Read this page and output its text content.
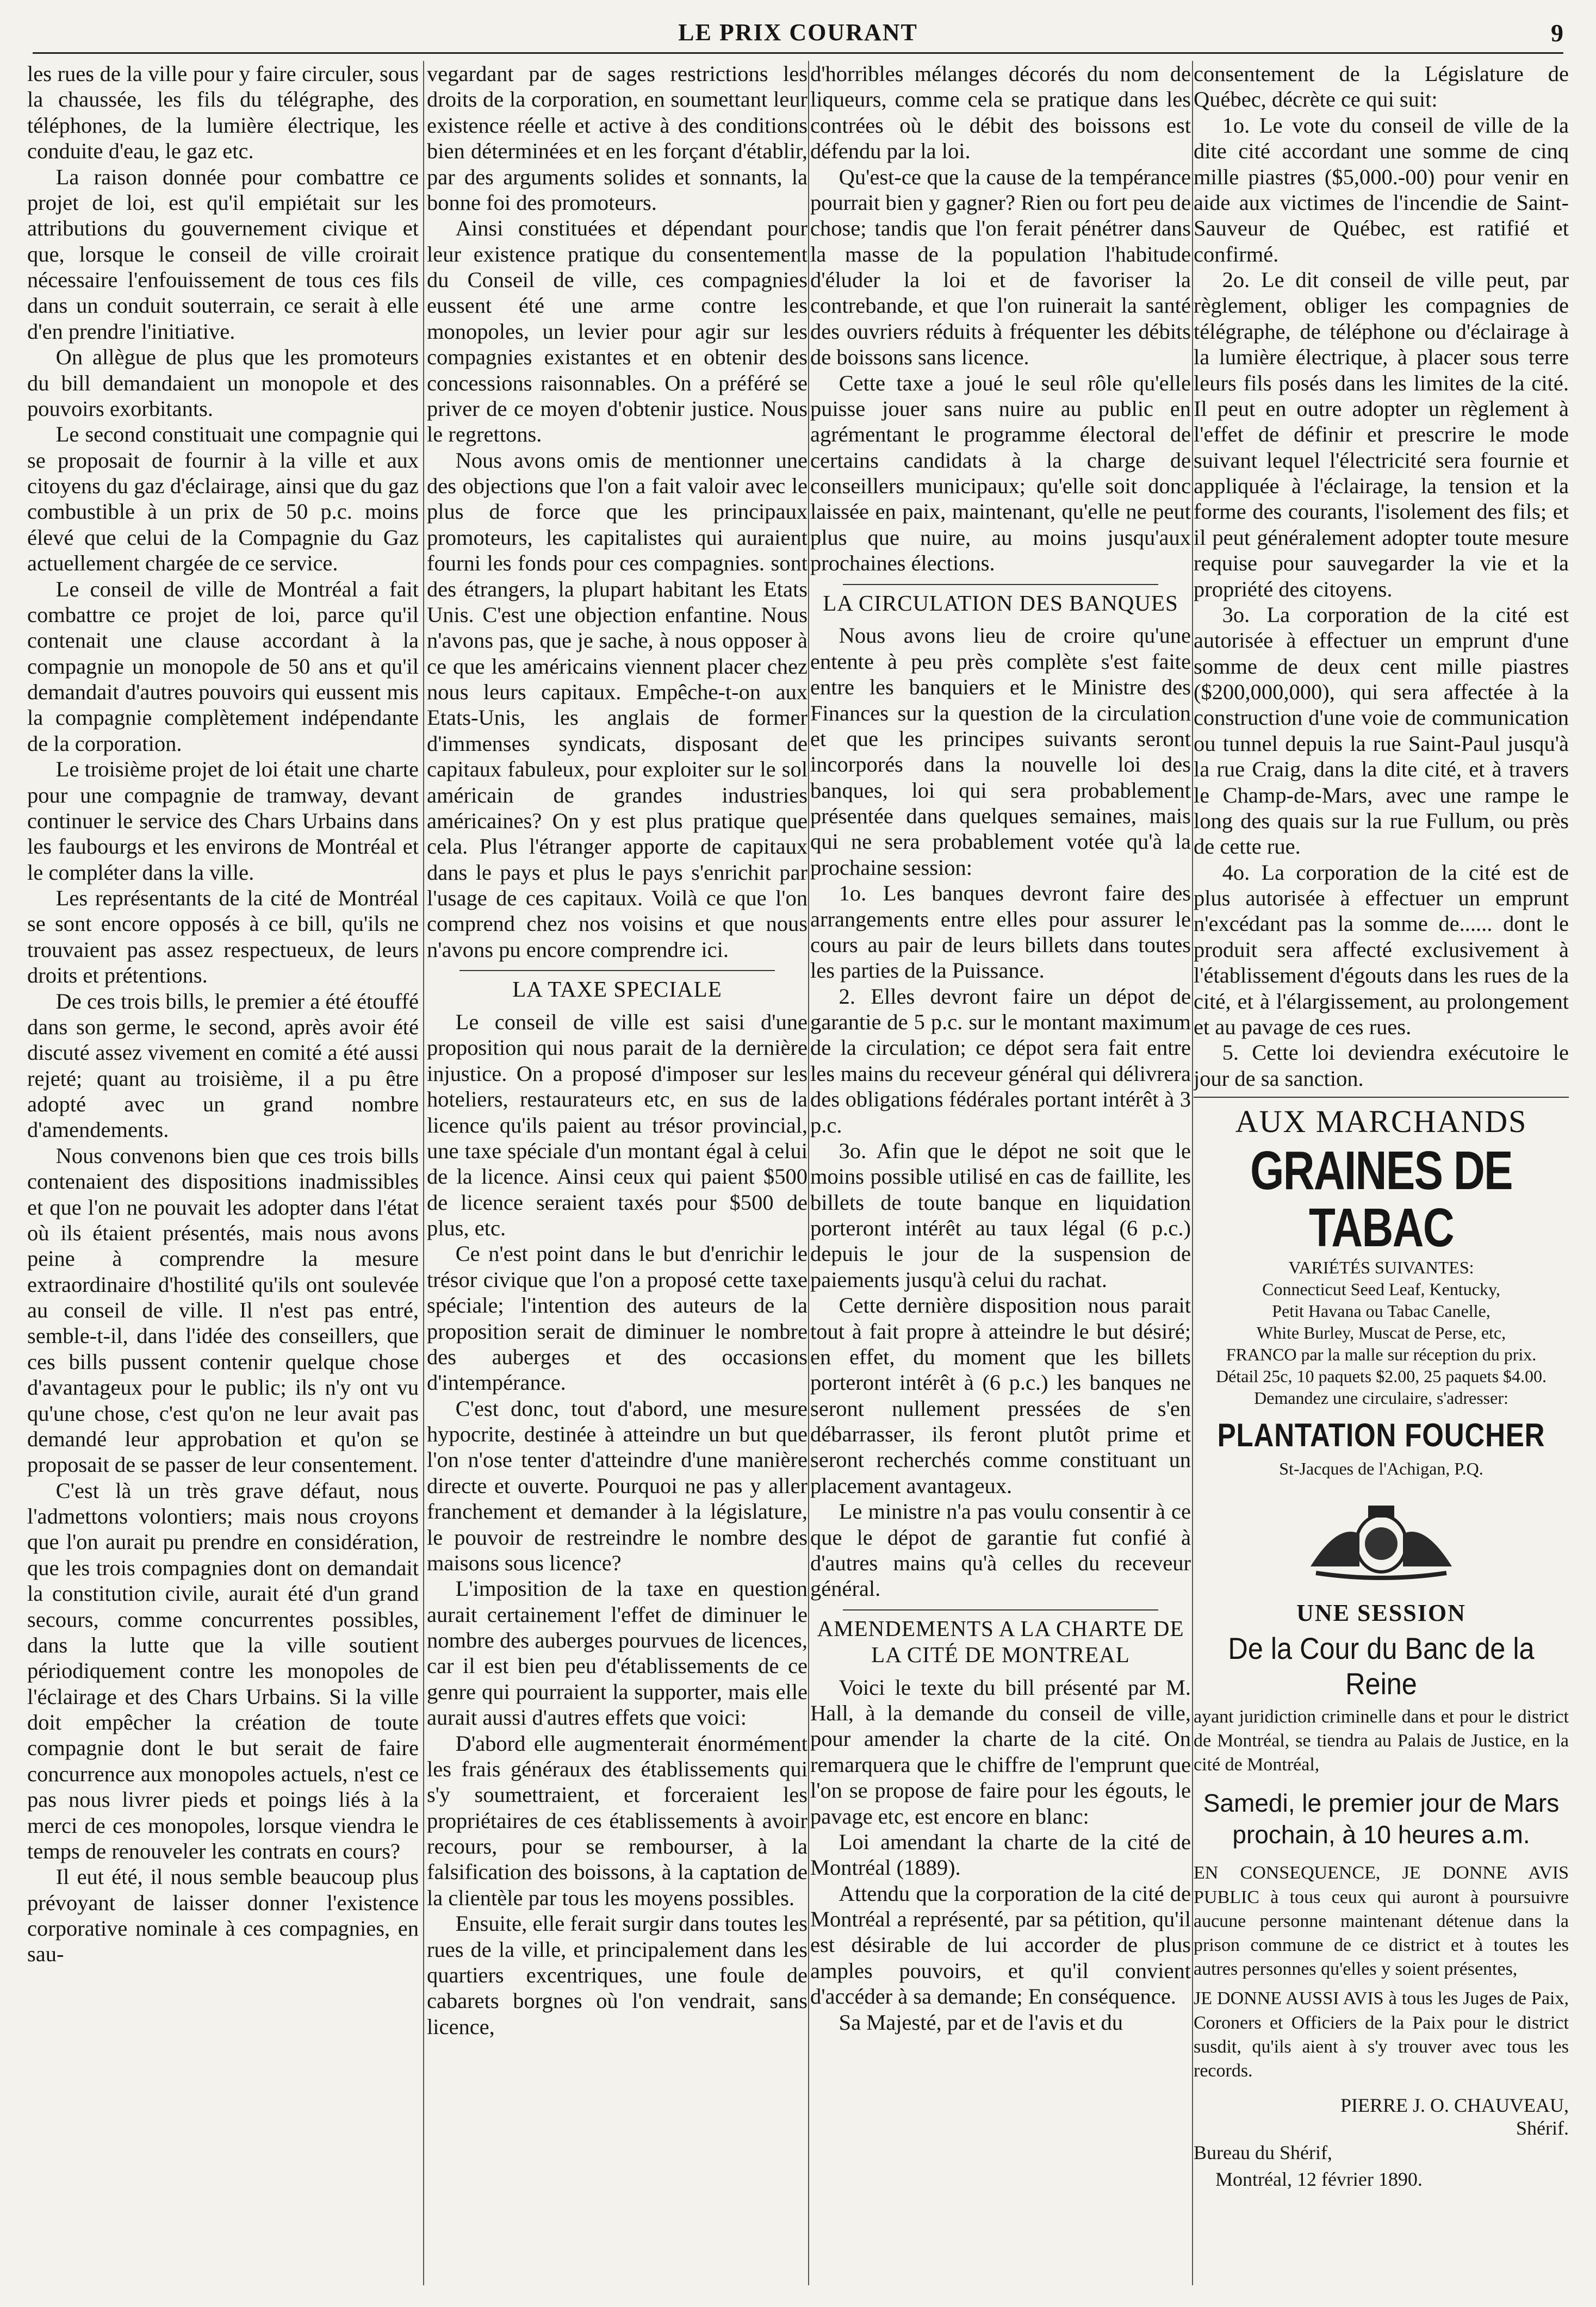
LE PRIX COURANT	9

les rues de la ville pour y faire circuler, sous la chaussée, les fils du télégraphe, des téléphones, de la lumière électrique, les conduite d'eau, le gaz etc.

La raison donnée pour combattre ce projet de loi, est qu'il empiétait sur les attributions du gouvernement civique et que, lorsque le conseil de ville croirait nécessaire l'enfouissement de tous ces fils dans un conduit souterrain, ce serait à elle d'en prendre l'initiative.

On allègue de plus que les promoteurs du bill demandaient un monopole et des pouvoirs exorbitants.

Le second constituait une compagnie qui se proposait de fournir à la ville et aux citoyens du gaz d'éclairage, ainsi que du gaz combustible à un prix de 50 p.c. moins élevé que celui de la Compagnie du Gaz actuellement chargée de ce service.

Le conseil de ville de Montréal a fait combattre ce projet de loi, parce qu'il contenait une clause accordant à la compagnie un monopole de 50 ans et qu'il demandait d'autres pouvoirs qui eussent mis la compagnie complètement indépendante de la corporation.

Le troisième projet de loi était une charte pour une compagnie de tramway, devant continuer le service des Chars Urbains dans les faubourgs et les environs de Montréal et le compléter dans la ville.

Les représentants de la cité de Montréal se sont encore opposés à ce bill, qu'ils ne trouvaient pas assez respectueux, de leurs droits et prétentions.

De ces trois bills, le premier a été étouffé dans son germe, le second, après avoir été discuté assez vivement en comité a été aussi rejeté; quant au troisième, il a pu être adopté avec un grand nombre d'amendements.

Nous convenons bien que ces trois bills contenaient des dispositions inadmissibles et que l'on ne pouvait les adopter dans l'état où ils étaient présentés, mais nous avons peine à comprendre la mesure extraordinaire d'hostilité qu'ils ont soulevée au conseil de ville. Il n'est pas entré, semble-t-il, dans l'idée des conseillers, que ces bills pussent contenir quelque chose d'avantageux pour le public; ils n'y ont vu qu'une chose, c'est qu'on ne leur avait pas demandé leur approbation et qu'on se proposait de se passer de leur consentement.

C'est là un très grave défaut, nous l'admettons volontiers; mais nous croyons que l'on aurait pu prendre en considération, que les trois compagnies dont on demandait la constitution civile, aurait été d'un grand secours, comme concurrentes possibles, dans la lutte que la ville soutient périodiquement contre les monopoles de l'éclairage et des Chars Urbains. Si la ville doit empêcher la création de toute compagnie dont le but serait de faire concurrence aux monopoles actuels, n'est ce pas nous livrer pieds et poings liés à la merci de ces monopoles, lorsque viendra le temps de renouveler les contrats en cours?

Il eut été, il nous semble beaucoup plus prévoyant de laisser donner l'existence corporative nominale à ces compagnies, en sau-

vegardant par de sages restrictions les droits de la corporation, en soumettant leur existence réelle et active à des conditions bien déterminées et en les forçant d'établir, par des arguments solides et sonnants, la bonne foi des promoteurs.

Ainsi constituées et dépendant pour leur existence pratique du consentement du Conseil de ville, ces compagnies eussent été une arme contre les monopoles, un levier pour agir sur les compagnies existantes et en obtenir des concessions raisonnables. On a préféré se priver de ce moyen d'obtenir justice. Nous le regrettons.

Nous avons omis de mentionner une des objections que l'on a fait valoir avec le plus de force que les principaux promoteurs, les capitalistes qui auraient fourni les fonds pour ces compagnies. sont des étrangers, la plupart habitant les Etats Unis. C'est une objection enfantine. Nous n'avons pas, que je sache, à nous opposer à ce que les américains viennent placer chez nous leurs capitaux. Empêche-t-on aux Etats-Unis, les anglais de former d'immenses syndicats, disposant de capitaux fabuleux, pour exploiter sur le sol américain de grandes industries américaines? On y est plus pratique que cela. Plus l'étranger apporte de capitaux dans le pays et plus le pays s'enrichit par l'usage de ces capitaux. Voilà ce que l'on comprend chez nos voisins et que nous n'avons pu encore comprendre ici.

LA TAXE SPECIALE

Le conseil de ville est saisi d'une proposition qui nous parait de la dernière injustice. On a proposé d'imposer sur les hoteliers, restaurateurs etc, en sus de la licence qu'ils paient au trésor provincial, une taxe spéciale d'un montant égal à celui de la licence. Ainsi ceux qui paient $500 de licence seraient taxés pour $500 de plus, etc.

Ce n'est point dans le but d'enrichir le trésor civique que l'on a proposé cette taxe spéciale; l'intention des auteurs de la proposition serait de diminuer le nombre des auberges et des occasions d'intempérance.

C'est donc, tout d'abord, une mesure hypocrite, destinée à atteindre un but que l'on n'ose tenter d'atteindre d'une manière directe et ouverte. Pourquoi ne pas y aller franchement et demander à la législature, le pouvoir de restreindre le nombre des maisons sous licence?

L'imposition de la taxe en question aurait certainement l'effet de diminuer le nombre des auberges pourvues de licences, car il est bien peu d'établissements de ce genre qui pourraient la supporter, mais elle aurait aussi d'autres effets que voici:

D'abord elle augmenterait énormément les frais généraux des établissements qui s'y soumettraient, et forceraient les propriétaires de ces établissements à avoir recours, pour se rembourser, à la falsification des boissons, à la captation de la clientèle par tous les moyens possibles.

Ensuite, elle ferait surgir dans toutes les rues de la ville, et principalement dans les quartiers excentriques, une foule de cabarets borgnes où l'on vendrait, sans licence,

d'horribles mélanges décorés du nom de liqueurs, comme cela se pratique dans les contrées où le débit des boissons est défendu par la loi.

Qu'est-ce que la cause de la tempérance pourrait bien y gagner? Rien ou fort peu de chose; tandis que l'on ferait pénétrer dans la masse de la population l'habitude d'éluder la loi et de favoriser la contrebande, et que l'on ruinerait la santé des ouvriers réduits à fréquenter les débits de boissons sans licence.

Cette taxe a joué le seul rôle qu'elle puisse jouer sans nuire au public en agrémentant le programme électoral de certains candidats à la charge de conseillers municipaux; qu'elle soit donc laissée en paix, maintenant, qu'elle ne peut plus que nuire, au moins jusqu'aux prochaines élections.

LA CIRCULATION DES BANQUES

Nous avons lieu de croire qu'une entente à peu près complète s'est faite entre les banquiers et le Ministre des Finances sur la question de la circulation et que les principes suivants seront incorporés dans la nouvelle loi des banques, loi qui sera probablement présentée dans quelques semaines, mais qui ne sera probablement votée qu'à la prochaine session:

1o. Les banques devront faire des arrangements entre elles pour assurer le cours au pair de leurs billets dans toutes les parties de la Puissance.

2. Elles devront faire un dépot de garantie de 5 p.c. sur le montant maximum de la circulation; ce dépot sera fait entre les mains du receveur général qui délivrera des obligations fédérales portant intérêt à 3 p.c.

3o. Afin que le dépot ne soit que le moins possible utilisé en cas de faillite, les billets de toute banque en liquidation porteront intérêt au taux légal (6 p.c.) depuis le jour de la suspension de paiements jusqu'à celui du rachat.

Cette dernière disposition nous parait tout à fait propre à atteindre le but désiré; en effet, du moment que les billets porteront intérêt à (6 p.c.) les banques ne seront nullement pressées de s'en débarrasser, ils feront plutôt prime et seront recherchés comme constituant un placement avantageux.

Le ministre n'a pas voulu consentir à ce que le dépot de garantie fut confié à d'autres mains qu'à celles du receveur général.

AMENDEMENTS A LA CHARTE DE LA CITÉ DE MONTREAL

Voici le texte du bill présenté par M. Hall, à la demande du conseil de ville, pour amender la charte de la cité. On remarquera que le chiffre de l'emprunt que l'on se propose de faire pour les égouts, le pavage etc, est encore en blanc:

Loi amendant la charte de la cité de Montréal (1889).

Attendu que la corporation de la cité de Montréal a représenté, par sa pétition, qu'il est désirable de lui accorder de plus amples pouvoirs, et qu'il convient d'accéder à sa demande; En conséquence.

Sa Majesté, par et de l'avis et du

consentement de la Législature de Québec, décrète ce qui suit:

1o. Le vote du conseil de ville de la dite cité accordant une somme de cinq mille piastres ($5,000.-00) pour venir en aide aux victimes de l'incendie de Saint-Sauveur de Québec, est ratifié et confirmé.

2o. Le dit conseil de ville peut, par règlement, obliger les compagnies de télégraphe, de téléphone ou d'éclairage à la lumière électrique, à placer sous terre leurs fils posés dans les limites de la cité. Il peut en outre adopter un règlement à l'effet de définir et prescrire le mode suivant lequel l'électricité sera fournie et appliquée à l'éclairage, la tension et la forme des courants, l'isolement des fils; et il peut généralement adopter toute mesure requise pour sauvegarder la vie et la propriété des citoyens.

3o. La corporation de la cité est autorisée à effectuer un emprunt d'une somme de deux cent mille piastres ($200,000,000), qui sera affectée à la construction d'une voie de communication ou tunnel depuis la rue Saint-Paul jusqu'à la rue Craig, dans la dite cité, et à travers le Champ-de-Mars, avec une rampe le long des quais sur la rue Fullum, ou près de cette rue.

4o. La corporation de la cité est de plus autorisée à effectuer un emprunt n'excédant pas la somme de...... dont le produit sera affecté exclusivement à l'établissement d'égouts dans les rues de la cité, et à l'élargissement, au prolongement et au pavage de ces rues.

5. Cette loi deviendra exécutoire le jour de sa sanction.

AUX MARCHANDS
GRAINES DE TABAC
VARIÉTÉS SUIVANTES:
Connecticut Seed Leaf, Kentucky,
Petit Havana ou Tabac Canelle,
White Burley, Muscat de Perse, etc,
FRANCO par la malle sur réception du prix.
Détail 25c, 10 paquets $2.00, 25 paquets $4.00.
Demandez une circulaire, s'adresser:
PLANTATION FOUCHER
St-Jacques de l'Achigan, P.Q.
UNE SESSION
De la Cour du Banc de la Reine
ayant juridiction criminelle dans et pour le district de Montréal, se tiendra au Palais de Justice, en la cité de Montréal,
Samedi, le premier jour de Mars prochain, à 10 heures a.m.
EN CONSEQUENCE, JE DONNE AVIS PUBLIC à tous ceux qui auront à poursuivre aucune personne maintenant détenue dans la prison commune de ce district et à toutes les autres personnes qu'elles y soient présentes,
JE DONNE AUSSI AVIS à tous les Juges de Paix, Coroners et Officiers de la Paix pour le district susdit, qu'ils aient à s'y trouver avec tous les records.
PIERRE J. O. CHAUVEAU,
Shérif.
Bureau du Shérif,
Montréal, 12 février 1890.
